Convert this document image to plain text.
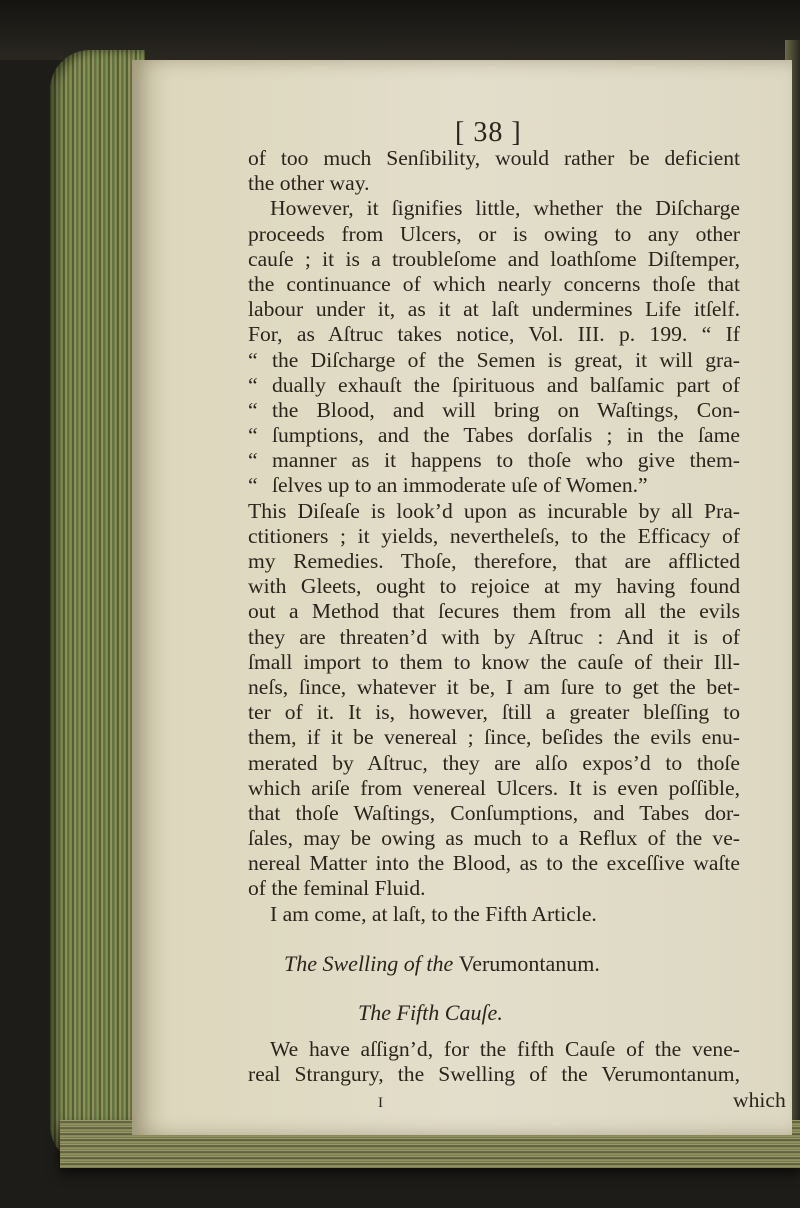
[ 38 ]
of too much Senſibility, would rather be deficient
the other way.
However, it ſignifies little, whether the Diſcharge
proceeds from Ulcers, or is owing to any other
cauſe ; it is a troubleſome and loathſome Diſtemper,
the continuance of which nearly concerns thoſe that
labour under it, as it at laſt undermines Life itſelf.
For, as Aſtruc takes notice, Vol. III. p. 199. “ If
“ the Diſcharge of the Semen is great, it will gra-
“ dually exhauſt the ſpirituous and balſamic part of
“ the Blood, and will bring on Waſtings, Con-
“ ſumptions, and the Tabes dorſalis ; in the ſame
“ manner as it happens to thoſe who give them-
“ ſelves up to an immoderate uſe of Women.”
This Diſeaſe is look’d upon as incurable by all Pra-
ctitioners ; it yields, nevertheleſs, to the Efficacy of
my Remedies. Thoſe, therefore, that are afflicted
with Gleets, ought to rejoice at my having found
out a Method that ſecures them from all the evils
they are threaten’d with by Aſtruc : And it is of
ſmall import to them to know the cauſe of their Ill-
neſs, ſince, whatever it be, I am ſure to get the bet-
ter of it. It is, however, ſtill a greater bleſſing to
them, if it be venereal ; ſince, beſides the evils enu-
merated by Aſtruc, they are alſo expos’d to thoſe
which ariſe from venereal Ulcers. It is even poſſible,
that thoſe Waſtings, Conſumptions, and Tabes dor-
ſales, may be owing as much to a Reflux of the ve-
nereal Matter into the Blood, as to the exceſſive waſte
of the feminal Fluid.
I am come, at laſt, to the Fifth Article.
The Swelling of the Verumontanum.
The Fifth Cauſe.
We have aſſign’d, for the fifth Cauſe of the vene-
real Strangury, the Swelling of the Verumontanum,
I	which
